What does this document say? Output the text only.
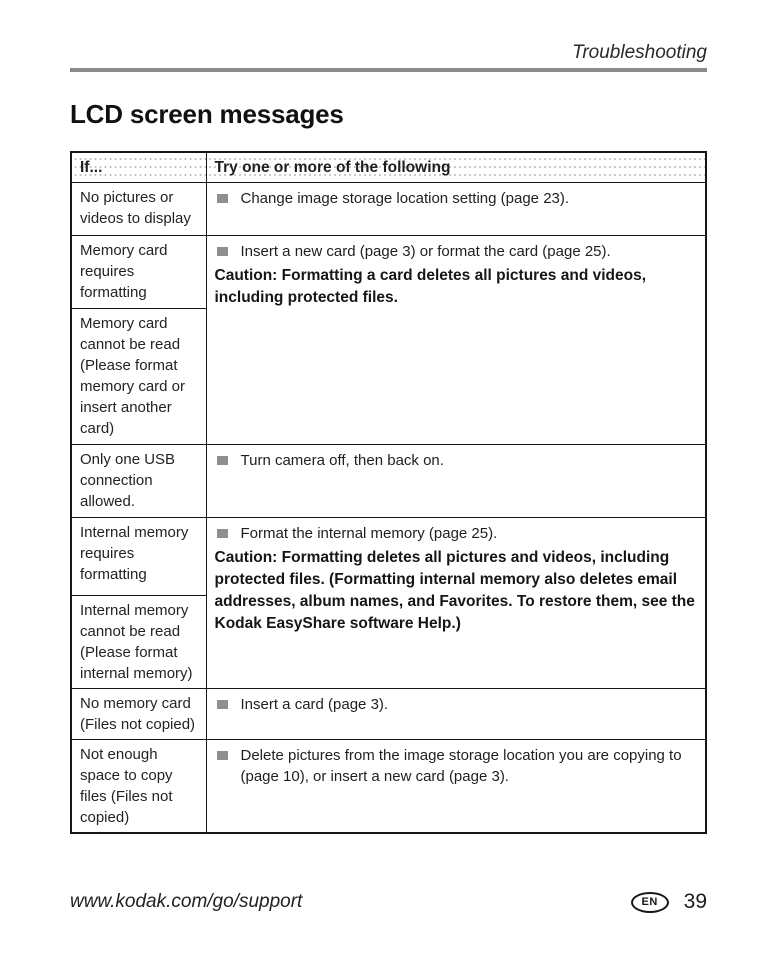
Troubleshooting
LCD screen messages
If...	Try one or more of the following

No pictures or videos to display	Change image storage location setting (page 23).

Memory card requires formatting	Insert a new card (page 3) or format the card (page 25).
Caution: Formatting a card deletes all pictures and videos, including protected files.

Memory card cannot be read (Please format memory card or insert another card)	

Only one USB connection allowed.	Turn camera off, then back on.

Internal memory requires formatting	Format the internal memory (page 25).
Caution: Formatting deletes all pictures and videos, including protected files. (Formatting internal memory also deletes email addresses, album names, and Favorites. To restore them, see the Kodak EasyShare software Help.)

Internal memory cannot be read (Please format internal memory)	

No memory card (Files not copied)	Insert a card (page 3).

Not enough space to copy files (Files not copied)	Delete pictures from the image storage location you are copying to (page 10), or insert a new card (page 3).
www.kodak.com/go/support	EN	39
